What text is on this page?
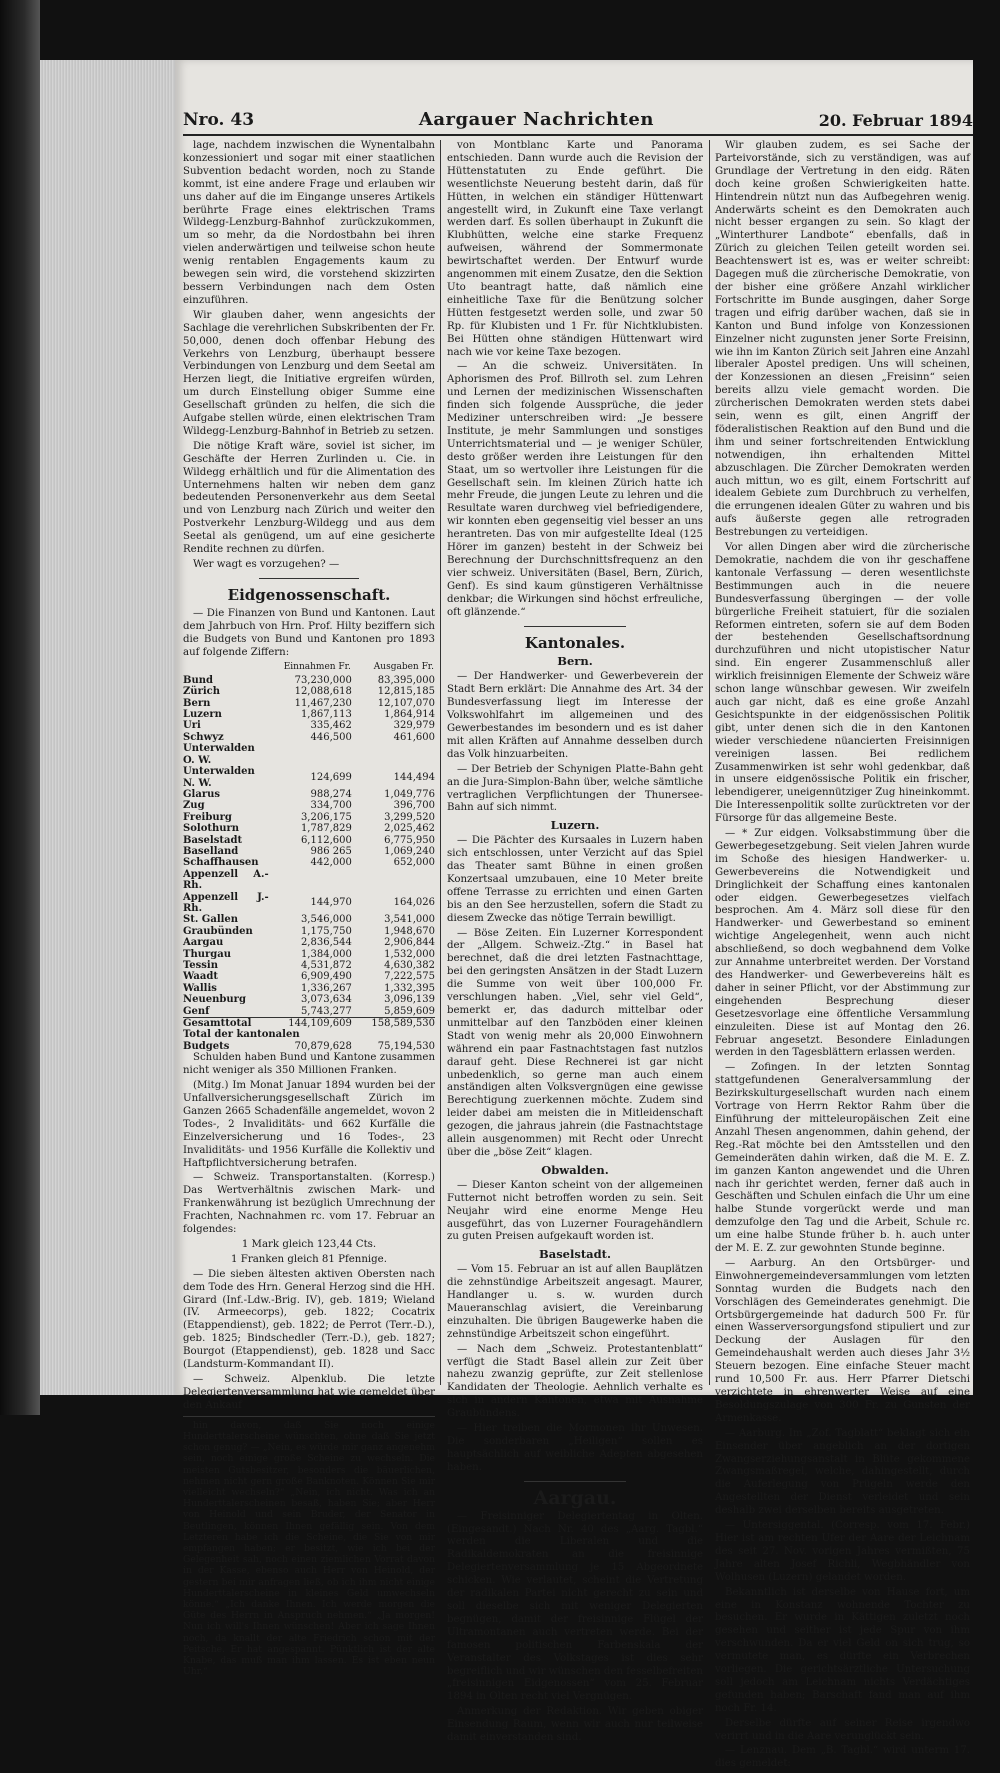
Nro. 43	Aargauer Nachrichten	20. Februar 1894

lage, nachdem inzwischen die Wynentalbahn konzessioniert und sogar mit einer staatlichen Subvention bedacht worden, noch zu Stande kommt, ist eine andere Frage und erlauben wir uns daher auf die im Eingange unseres Artikels berührte Frage eines elektrischen Trams Wildegg-Lenzburg-Bahnhof zurückzukommen, um so mehr, da die Nordostbahn bei ihren vielen anderwärtigen und teilweise schon heute wenig rentablen Engagements kaum zu bewegen sein wird, die vorstehend skizzirten bessern Verbindungen nach dem Osten einzuführen.

Wir glauben daher, wenn angesichts der Sachlage die verehrlichen Subskribenten der Fr. 50,000, denen doch offenbar Hebung des Verkehrs von Lenzburg, überhaupt bessere Verbindungen von Lenzburg und dem Seetal am Herzen liegt, die Initiative ergreifen würden, um durch Einstellung obiger Summe eine Gesellschaft gründen zu helfen, die sich die Aufgabe stellen würde, einen elektrischen Tram Wildegg-Lenzburg-Bahnhof in Betrieb zu setzen.

Die nötige Kraft wäre, soviel ist sicher, im Geschäfte der Herren Zurlinden u. Cie. in Wildegg erhältlich und für die Alimentation des Unternehmens halten wir neben dem ganz bedeutenden Personenverkehr aus dem Seetal und von Lenzburg nach Zürich und weiter den Postverkehr Lenzburg-Wildegg und aus dem Seetal als genügend, um auf eine gesicherte Rendite rechnen zu dürfen.

Wer wagt es vorzugehen? —

Eidgenossenschaft.

— Die Finanzen von Bund und Kantonen. Laut dem Jahrbuch von Hrn. Prof. Hilty beziffern sich die Budgets von Bund und Kantonen pro 1893 auf folgende Ziffern:

	Einnahmen Fr.	Ausgaben Fr.
Bund	73,230,000	83,395,000
Zürich	12,088,618	12,815,185
Bern	11,467,230	12,107,070
Luzern	1,867,113	1,864,914
Uri	335,462	329,979
Schwyz	446,500	461,600
Unterwalden O. W.		
Unterwalden N. W.	124,699	144,494
Glarus	988,274	1,049,776
Zug	334,700	396,700
Freiburg	3,206,175	3,299,520
Solothurn	1,787,829	2,025,462
Baselstadt	6,112,600	6,775,950
Baselland	986 265	1,069,240
Schaffhausen	442,000	652,000
Appenzell A.-Rh.		
Appenzell J.-Rh.	144,970	164,026
St. Gallen	3,546,000	3,541,000
Graubünden	1,175,750	1,948,670
Aargau	2,836,544	2,906,844
Thurgau	1,384,000	1,532,000
Tessin	4,531,872	4,630,382
Waadt	6,909,490	7,222,575
Wallis	1,336,267	1,332,395
Neuenburg	3,073,634	3,096,139
Genf	5,743,277	5,859,609
Gesamttotal	144,109,609	158,589,530
Total der kantonalen		
Budgets	70,879,628	75,194,530

Schulden haben Bund und Kantone zusammen nicht weniger als 350 Millionen Franken.

(Mitg.) Im Monat Januar 1894 wurden bei der Unfallversicherungsgesellschaft Zürich im Ganzen 2665 Schadenfälle angemeldet, wovon 2 Todes-, 2 Invaliditäts- und 662 Kurfälle die Einzelversicherung und 16 Todes-, 23 Invaliditäts- und 1956 Kurfälle die Kollektiv und Haftpflichtversicherung betrafen.

— Schweiz. Transportanstalten. (Korresp.) Das Wertverhältnis zwischen Mark- und Frankenwährung ist bezüglich Umrechnung der Frachten, Nachnahmen rc. vom 17. Februar an folgendes:

1 Mark gleich 123,44 Cts.

1 Franken gleich 81 Pfennige.

— Die sieben ältesten aktiven Obersten nach dem Tode des Hrn. General Herzog sind die HH. Girard (Inf.-Ldw.-Brig. IV), geb. 1819; Wieland (IV. Armeecorps), geb. 1822; Cocatrix (Etappendienst), geb. 1822; de Perrot (Terr.-D.), geb. 1825; Bindschedler (Terr.-D.), geb. 1827; Bourgot (Etappendienst), geb. 1828 und Sacc (Landsturm-Kommandant II).

— Schweiz. Alpenklub. Die letzte Delegiertenversammlung hat wie gemeldet über den Ankauf

hin davon, daß Sie noch einige Hunderttalerscheine wünschten, ohne daß Sie jetzt schon genug? — „Nein, es würde mir ganz angenehm sein, noch einige große Scheine zu wechseln. Die meisten Gutsbesitzer, besonders die bäuerlichen, nehmen nicht gern große Banknoten. Können Sie mir vielleicht wechseln?“ „Nein, ich nicht. Was ich an Hunderttalerscheinen besaß, haben Sie; aber Herr von Heinold und sein Bruder, der Senator in Beutlingen, können Ihnen gefällig sein. Von dem Letzteren habe ich die Scheine, die Sie von mir empfangen haben; er besitzt, wie ich bei der Gelegenheit sah, noch einen ziemlichen Vorrat davon in der Kasse, ebenso auch Herr von Heinold, der gestern bei mir anfragen ließ, ob ich ihm nicht einige Hunderttalerscheine in kleines Geld umwechseln könne.“ „Ich danke Ihnen. Ich werde morgen die Güte des Herrn in Anspruch nehmen.“ „Ja morgen! Nun ich will's Ihnen wünschen! Aber ich sage Ihnen noch, da knallt der alte Friedrich schon mit der Peitsche. Er hat angespannt. Pünktlich ist der alte Knabe, das muß man ihm lassen. Es ist eben neun Uhr.“

von Montblanc Karte und Panorama entschieden. Dann wurde auch die Revision der Hüttenstatuten zu Ende geführt. Die wesentlichste Neuerung besteht darin, daß für Hütten, in welchen ein ständiger Hüttenwart angestellt wird, in Zukunft eine Taxe verlangt werden darf. Es sollen überhaupt in Zukunft die Klubhütten, welche eine starke Frequenz aufweisen, während der Sommermonate bewirtschaftet werden. Der Entwurf wurde angenommen mit einem Zusatze, den die Sektion Uto beantragt hatte, daß nämlich eine einheitliche Taxe für die Benützung solcher Hütten festgesetzt werden solle, und zwar 50 Rp. für Klubisten und 1 Fr. für Nichtklubisten. Bei Hütten ohne ständigen Hüttenwart wird nach wie vor keine Taxe bezogen.

— An die schweiz. Universitäten. In Aphorismen des Prof. Billroth sel. zum Lehren und Lernen der medizinischen Wissenschaften finden sich folgende Aussprüche, die jeder Mediziner unterschreiben wird: „Je bessere Institute, je mehr Sammlungen und sonstiges Unterrichtsmaterial und — je weniger Schüler, desto größer werden ihre Leistungen für den Staat, um so wertvoller ihre Leistungen für die Gesellschaft sein. Im kleinen Zürich hatte ich mehr Freude, die jungen Leute zu lehren und die Resultate waren durchweg viel befriedigendere, wir konnten eben gegenseitig viel besser an uns herantreten. Das von mir aufgestellte Ideal (125 Hörer im ganzen) besteht in der Schweiz bei Berechnung der Durchschnittsfrequenz an den vier schweiz. Universitäten (Basel, Bern, Zürich, Genf). Es sind kaum günstigeren Verhältnisse denkbar; die Wirkungen sind höchst erfreuliche, oft glänzende.“

Kantonales.
Bern.

— Der Handwerker- und Gewerbeverein der Stadt Bern erklärt: Die Annahme des Art. 34 der Bundesverfassung liegt im Interesse der Volkswohlfahrt im allgemeinen und des Gewerbestandes im besondern und es ist daher mit allen Kräften auf Annahme desselben durch das Volk hinzuarbeiten.

— Der Betrieb der Schynigen Platte-Bahn geht an die Jura-Simplon-Bahn über, welche sämtliche vertraglichen Verpflichtungen der Thunersee-Bahn auf sich nimmt.

Luzern.

— Die Pächter des Kursaales in Luzern haben sich entschlossen, unter Verzicht auf das Spiel das Theater samt Bühne in einen großen Konzertsaal umzubauen, eine 10 Meter breite offene Terrasse zu errichten und einen Garten bis an den See herzustellen, sofern die Stadt zu diesem Zwecke das nötige Terrain bewilligt.

— Böse Zeiten. Ein Luzerner Korrespondent der „Allgem. Schweiz.-Ztg.“ in Basel hat berechnet, daß die drei letzten Fastnachttage, bei den geringsten Ansätzen in der Stadt Luzern die Summe von weit über 100,000 Fr. verschlungen haben. „Viel, sehr viel Geld“, bemerkt er, das dadurch mittelbar oder unmittelbar auf den Tanzböden einer kleinen Stadt von wenig mehr als 20,000 Einwohnern während ein paar Fastnachtstagen fast nutzlos darauf geht. Diese Rechnerei ist gar nicht unbedenklich, so gerne man auch einem anständigen alten Volksvergnügen eine gewisse Berechtigung zuerkennen möchte. Zudem sind leider dabei am meisten die in Mitleidenschaft gezogen, die jahraus jahrein (die Fastnachtstage allein ausgenommen) mit Recht oder Unrecht über die „böse Zeit“ klagen.

Obwalden.

— Dieser Kanton scheint von der allgemeinen Futternot nicht betroffen worden zu sein. Seit Neujahr wird eine enorme Menge Heu ausgeführt, das von Luzerner Fouragehändlern zu guten Preisen aufgekauft worden ist.

Baselstadt.

— Vom 15. Februar an ist auf allen Bauplätzen die zehnstündige Arbeitszeit angesagt. Maurer, Handlanger u. s. w. wurden durch Maueranschlag avisiert, die Vereinbarung einzuhalten. Die übrigen Baugewerke haben die zehnstündige Arbeitszeit schon eingeführt.

— Nach dem „Schweiz. Protestantenblatt“ verfügt die Stadt Basel allein zur Zeit über nahezu zwanzig geprüfte, zur Zeit stellenlose Kandidaten der Theologie. Aehnlich verhalte es sich in andern Kantonen, etwa mit Ausnahme Graubündens.

— Hier treiben die Mormonen ihr Unwesen. Die sonderbaren „Heiligen“ sollen es hauptsächlich auf weibliche Adepten abgesehen haben.

Aargau.

— Freisinniger Delegiertentag in Olten. (Eingesandt.) Nach Nr. 40 des „Aarg. Tagbl.“ werden die Liberalen und die Radikaldemokraten an die freisinnige Delegiertenversammlung je 15 Abgeordnete schicken. Wie verlautet, scheint die Vertretung der radikalen Partei nicht gerecht zu sein und soll dieselbe sich mit weniger Delegierten begnügen, damit der freisinnige Flügel der Ultramontanen auch vertreten werde. Bei der famosen politischen Farbenskala der Veranstalter des Volkstages ist dies sehr begreiflich und wir wünschen den fesselbefreiten „freisinnigen Eidgenossen“ vom 25. Februar 1894 in Olten recht viel Vergnügen.

Anmerkung der Redaktion. Wir geben obiger Einsendung Raum, wenn wir auch nur teilweise damit einverstanden sind.

Wir glauben zudem, es sei Sache der Parteivorstände, sich zu verständigen, was auf Grundlage der Vertretung in den eidg. Räten doch keine großen Schwierigkeiten hatte. Hintendrein nützt nun das Aufbegehren wenig. Anderwärts scheint es den Demokraten auch nicht besser ergangen zu sein. So klagt der „Winterthurer Landbote“ ebenfalls, daß in Zürich zu gleichen Teilen geteilt worden sei. Beachtenswert ist es, was er weiter schreibt: Dagegen muß die zürcherische Demokratie, von der bisher eine größere Anzahl wirklicher Fortschritte im Bunde ausgingen, daher Sorge tragen und eifrig darüber wachen, daß sie in Kanton und Bund infolge von Konzessionen Einzelner nicht zugunsten jener Sorte Freisinn, wie ihn im Kanton Zürich seit Jahren eine Anzahl liberaler Apostel predigen. Uns will scheinen, der Konzessionen an diesen „Freisinn“ seien bereits allzu viele gemacht worden. Die zürcherischen Demokraten werden stets dabei sein, wenn es gilt, einen Angriff der föderalistischen Reaktion auf den Bund und die ihm und seiner fortschreitenden Entwicklung notwendigen, ihn erhaltenden Mittel abzuschlagen. Die Zürcher Demokraten werden auch mittun, wo es gilt, einem Fortschritt auf idealem Gebiete zum Durchbruch zu verhelfen, die errungenen idealen Güter zu wahren und bis aufs äußerste gegen alle retrograden Bestrebungen zu verteidigen.

Vor allen Dingen aber wird die zürcherische Demokratie, nachdem die von ihr geschaffene kantonale Verfassung — deren wesentlichste Bestimmungen auch in die neuere Bundesverfassung übergingen — der volle bürgerliche Freiheit statuiert, für die sozialen Reformen eintreten, sofern sie auf dem Boden der bestehenden Gesellschaftsordnung durchzuführen und nicht utopistischer Natur sind. Ein engerer Zusammenschluß aller wirklich freisinnigen Elemente der Schweiz wäre schon lange wünschbar gewesen. Wir zweifeln auch gar nicht, daß es eine große Anzahl Gesichtspunkte in der eidgenössischen Politik gibt, unter denen sich die in den Kantonen wieder verschiedene nüancierten Freisinnigen vereinigen lassen. Bei redlichem Zusammenwirken ist sehr wohl gedenkbar, daß in unsere eidgenössische Politik ein frischer, lebendigerer, uneigennütziger Zug hineinkommt. Die Interessenpolitik sollte zurücktreten vor der Fürsorge für das allgemeine Beste.

— * Zur eidgen. Volksabstimmung über die Gewerbegesetzgebung. Seit vielen Jahren wurde im Schoße des hiesigen Handwerker- u. Gewerbevereins die Notwendigkeit und Dringlichkeit der Schaffung eines kantonalen oder eidgen. Gewerbegesetzes vielfach besprochen. Am 4. März soll diese für den Handwerker- und Gewerbestand so eminent wichtige Angelegenheit, wenn auch nicht abschließend, so doch wegbahnend dem Volke zur Annahme unterbreitet werden. Der Vorstand des Handwerker- und Gewerbevereins hält es daher in seiner Pflicht, vor der Abstimmung zur eingehenden Besprechung dieser Gesetzesvorlage eine öffentliche Versammlung einzuleiten. Diese ist auf Montag den 26. Februar angesetzt. Besondere Einladungen werden in den Tagesblättern erlassen werden.

— Zofingen. In der letzten Sonntag stattgefundenen Generalversammlung der Bezirkskulturgesellschaft wurden nach einem Vortrage von Herrn Rektor Rahm über die Einführung der mitteleuropäischen Zeit eine Anzahl Thesen angenommen, dahin gehend, der Reg.-Rat möchte bei den Amtsstellen und den Gemeinderäten dahin wirken, daß die M. E. Z. im ganzen Kanton angewendet und die Uhren nach ihr gerichtet werden, ferner daß auch in Geschäften und Schulen einfach die Uhr um eine halbe Stunde vorgerückt werde und man demzufolge den Tag und die Arbeit, Schule rc. um eine halbe Stunde früher b. h. auch unter der M. E. Z. zur gewohnten Stunde beginne.

— Aarburg. An den Ortsbürger- und Einwohnergemeindeversammlungen vom letzten Sonntag wurden die Budgets nach den Vorschlägen des Gemeinderates genehmigt. Die Ortsbürgergemeinde hat dadurch 500 Fr. für einen Wasserversorgungsfond stipuliert und zur Deckung der Auslagen für den Gemeindehaushalt werden auch dieses Jahr 3½ Steuern bezogen. Eine einfache Steuer macht rund 10,500 Fr. aus. Herr Pfarrer Dietschi verzichtete in ehrenwerter Weise auf eine Besoldungszulage von 300 Fr. zu Gunsten der Armenkasse.

— Aarburg. Im „Zof. Tagblatt“ beklagt sich ein Einsender über angeblich an der dortigen Zwangserziehungsanstalt in Blüte gekommene Zwangsmaßregel, welche, dahingestellt, durch die Auferlegung von Prügeln werde den Angestellten der Dienst verleidet und sein deshalb zwei derselben bereits ausgetreten.

— Untersiggental. (Corresp. vom 17. Febr.) Hier ist am rechten Ufer der Aare der Leichnam des seit 27. Nov. vorigen Jahres vermißten, 75 Jahre alten Josef Richli, Wegbhändler von Wolhusen (Luzern) gelandet worden.

Bekanntlich ist derselbe von Hause fort, um eine in Konstanz wohnende Tochter zu besuchen. Er wurde in Kättigen zuletzt noch gesehen und seither ist jede Spur von ihm verschwunden. Da er viel Geld on sich trug, so vermutete man, es dürfte ein Verbrechen vorliegen. Die gerichtsärztliche Untersuchung soll jedoch am Leichnam nichts Verdächtiges gefunden haben; Barschaft fand man auf ihm noch Fr. 14.

Derselbe dürfte auf seiner Reise irgendwo verirrt und in die Aare verunglückt sein.

— Lenznau. Dem „B. Tagbl.“ wird unterm 17. dies gemeldet:
